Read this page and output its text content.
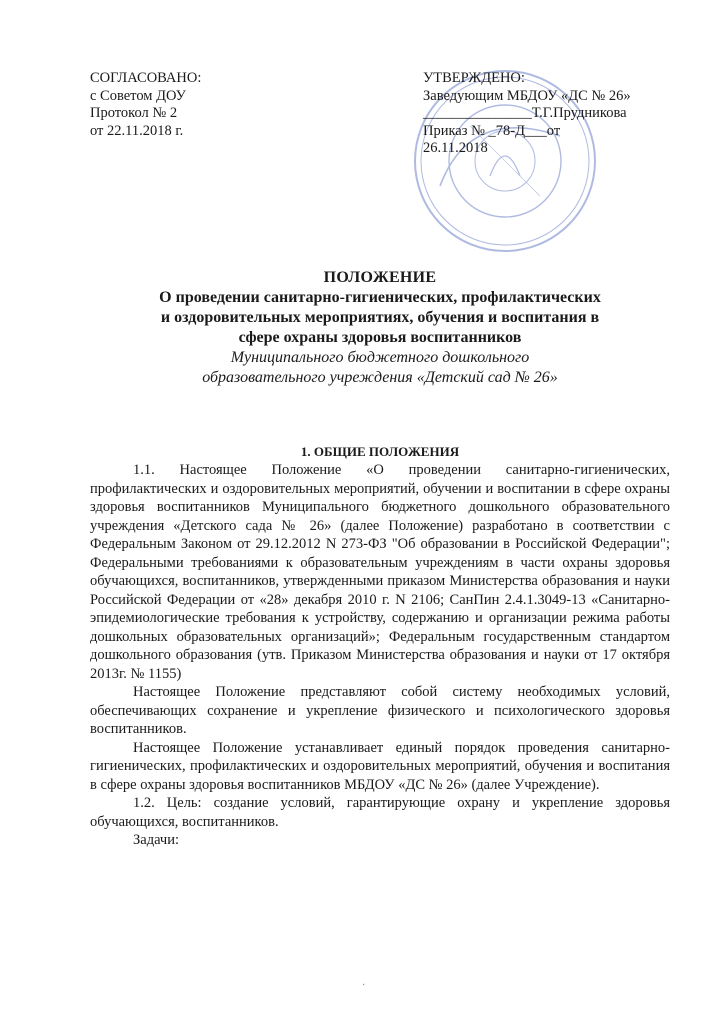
СОГЛАСОВАНО:
с Советом ДОУ
Протокол № 2
от 22.11.2018 г.
УТВЕРЖДЕНО:
Заведующим МБДОУ «ДС № 26»
_______________Т.Г.Прудникова
Приказ № _78-Д___от
26.11.2018
ПОЛОЖЕНИЕ
О проведении санитарно-гигиенических, профилактических
и оздоровительных мероприятиях, обучения и воспитания в
сфере охраны здоровья воспитанников
Муниципального бюджетного дошкольного
образовательного учреждения «Детский сад № 26»
1. ОБЩИЕ ПОЛОЖЕНИЯ

1.1. Настоящее Положение «О проведении санитарно-гигиенических, профилактических и оздоровительных мероприятий, обучении и воспитании в сфере охраны здоровья воспитанников Муниципального бюджетного дошкольного образовательного учреждения «Детского сада № 26» (далее Положение) разработано в соответствии с Федеральным Законом от 29.12.2012 N 273-ФЗ "Об образовании в Российской Федерации"; Федеральными требованиями к образовательным учреждениям в части охраны здоровья обучающихся, воспитанников, утвержденными приказом Министерства образования и науки Российской Федерации от «28» декабря 2010 г. N 2106; СанПин 2.4.1.3049-13 «Санитарно- эпидемиологические требования к устройству, содержанию и организации режима работы дошкольных образовательных организаций»; Федеральным государственным стандартом дошкольного образования (утв. Приказом Министерства образования и науки от 17 октября 2013г. № 1155)

Настоящее Положение представляют собой систему необходимых условий, обеспечивающих сохранение и укрепление физического и психологического здоровья воспитанников.

Настоящее Положение устанавливает единый порядок проведения санитарно-гигиенических, профилактических и оздоровительных мероприятий, обучения и воспитания в сфере охраны здоровья воспитанников МБДОУ «ДС № 26» (далее Учреждение).

1.2. Цель: создание условий, гарантирующие охрану и укрепление здоровья обучающихся, воспитанников.

Задачи:

·
